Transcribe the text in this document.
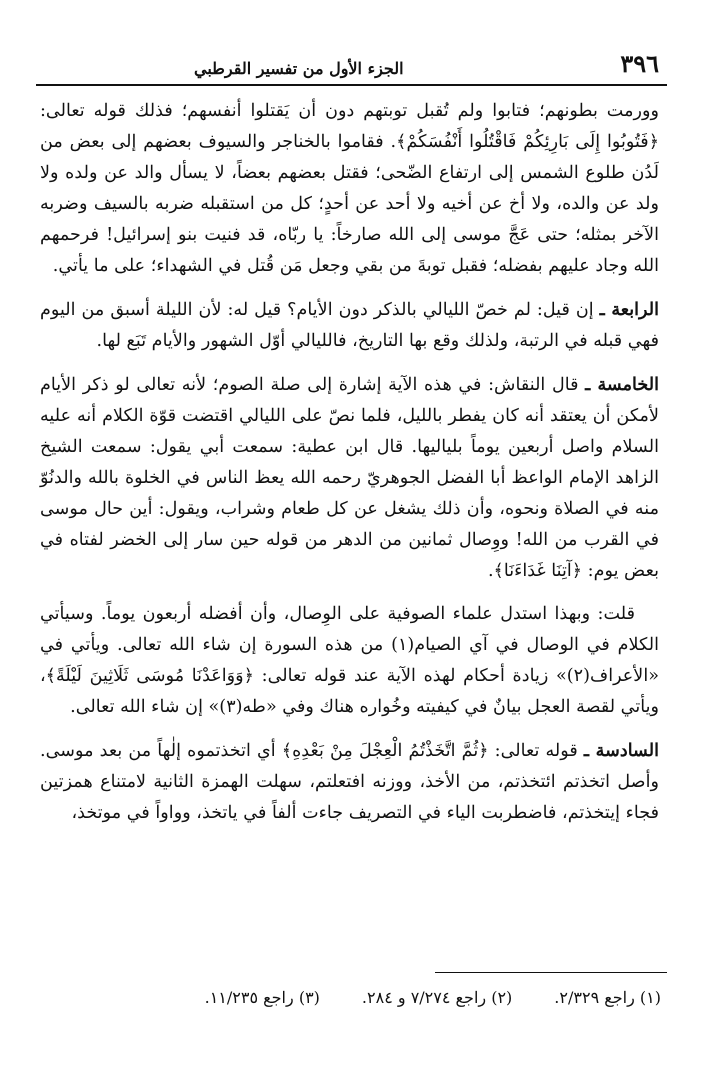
٣٩٦
الجزء الأول من تفسير القرطبي

وورمت بطونهم؛ فتابوا ولم تُقبل توبتهم دون أن يَقتلوا أنفسهم؛ فذلك قوله تعالى: ﴿فَتُوبُوا إِلَى بَارِئِكُمْ فَاقْتُلُوا أَنْفُسَكُمْ﴾. فقاموا بالخناجر والسيوف بعضهم إلى بعض من لَدُن طلوع الشمس إلى ارتفاع الضّحى؛ فقتل بعضهم بعضاً، لا يسأل والد عن ولده ولا ولد عن والده، ولا أخ عن أخيه ولا أحد عن أحدٍ؛ كل من استقبله ضربه بالسيف وضربه الآخر بمثله؛ حتى عَجَّ موسى إلى الله صارخاً: يا ربّاه، قد فنيت بنو إسرائيل! فرحمهم الله وجاد عليهم بفضله؛ فقبل توبةَ من بقي وجعل مَن قُتل في الشهداء؛ على ما يأتي.

الرابعة ـ إن قيل: لم خصّ الليالي بالذكر دون الأيام؟ قيل له: لأن الليلة أسبق من اليوم فهي قبله في الرتبة، ولذلك وقع بها التاريخ، فالليالي أوّل الشهور والأيام تَبَع لها.

الخامسة ـ قال النقاش: في هذه الآية إشارة إلى صلة الصوم؛ لأنه تعالى لو ذكر الأيام لأمكن أن يعتقد أنه كان يفطر بالليل، فلما نصّ على الليالي اقتضت قوّة الكلام أنه عليه السلام واصل أربعين يوماً بلياليها. قال ابن عطية: سمعت أبي يقول: سمعت الشيخ الزاهد الإمام الواعظ أبا الفضل الجوهريّ رحمه الله يعظ الناس في الخلوة بالله والدنُوّ منه في الصلاة ونحوه، وأن ذلك يشغل عن كل طعام وشراب، ويقول: أين حال موسى في القرب من الله! ووِصال ثمانين من الدهر من قوله حين سار إلى الخضر لفتاه في بعض يوم: ﴿آتِنَا غَدَاءَنَا﴾.

قلت: وبهذا استدل علماء الصوفية على الوِصال، وأن أفضله أربعون يوماً. وسيأتي الكلام في الوصال في آي الصيام(١) من هذه السورة إن شاء الله تعالى. ويأتي في «الأعراف(٢)» زيادة أحكام لهذه الآية عند قوله تعالى: ﴿وَوَاعَدْنَا مُوسَى ثَلَاثِينَ لَيْلَةً﴾، ويأتي لقصة العجل بيانٌ في كيفيته وخُواره هناك وفي «طه(٣)» إن شاء الله تعالى.

السادسة ـ قوله تعالى: ﴿ثُمَّ اتَّخَذْتُمُ الْعِجْلَ مِنْ بَعْدِهِ﴾ أي اتخذتموه إلٰهاً من بعد موسى. وأصل اتخذتم ائتخذتم، من الأخذ، ووزنه افتعلتم، سهلت الهمزة الثانية لامتناع همزتين فجاء إيتخذتم، فاضطربت الياء في التصريف جاءت ألفاً في ياتخذ، وواواً في موتخذ،

(١) راجع ٢/٣٢٩.
(٢) راجع ٧/٢٧٤ و ٢٨٤.
(٣) راجع ١١/٢٣٥.
